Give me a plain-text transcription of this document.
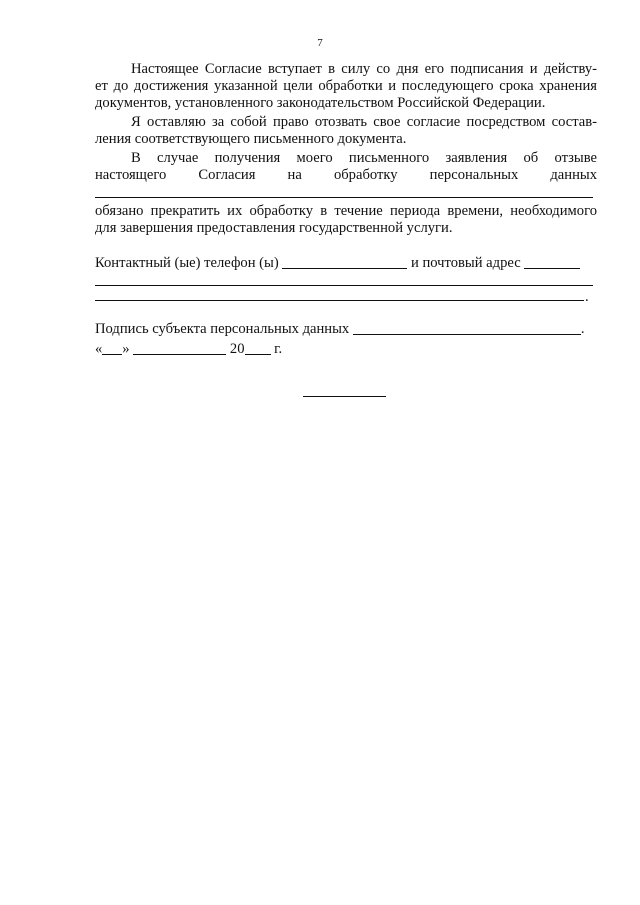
7
Настоящее Согласие вступает в силу со дня его подписания и действу-
ет до достижения указанной цели обработки и последующего срока хранения
документов, установленного законодательством Российской Федерации.
Я оставляю за собой право отозвать свое согласие посредством состав-
ления соответствующего письменного документа.
В случае получения моего письменного заявления об отзыве
настоящего Согласия на обработку персональных данных
обязано прекратить их обработку в течение периода времени, необходимого
для завершения предоставления государственной услуги.
Контактный (ые) телефон (ы)	и почтовый адрес
.
Подпись субъекта персональных данных	.
« »	20 г.
